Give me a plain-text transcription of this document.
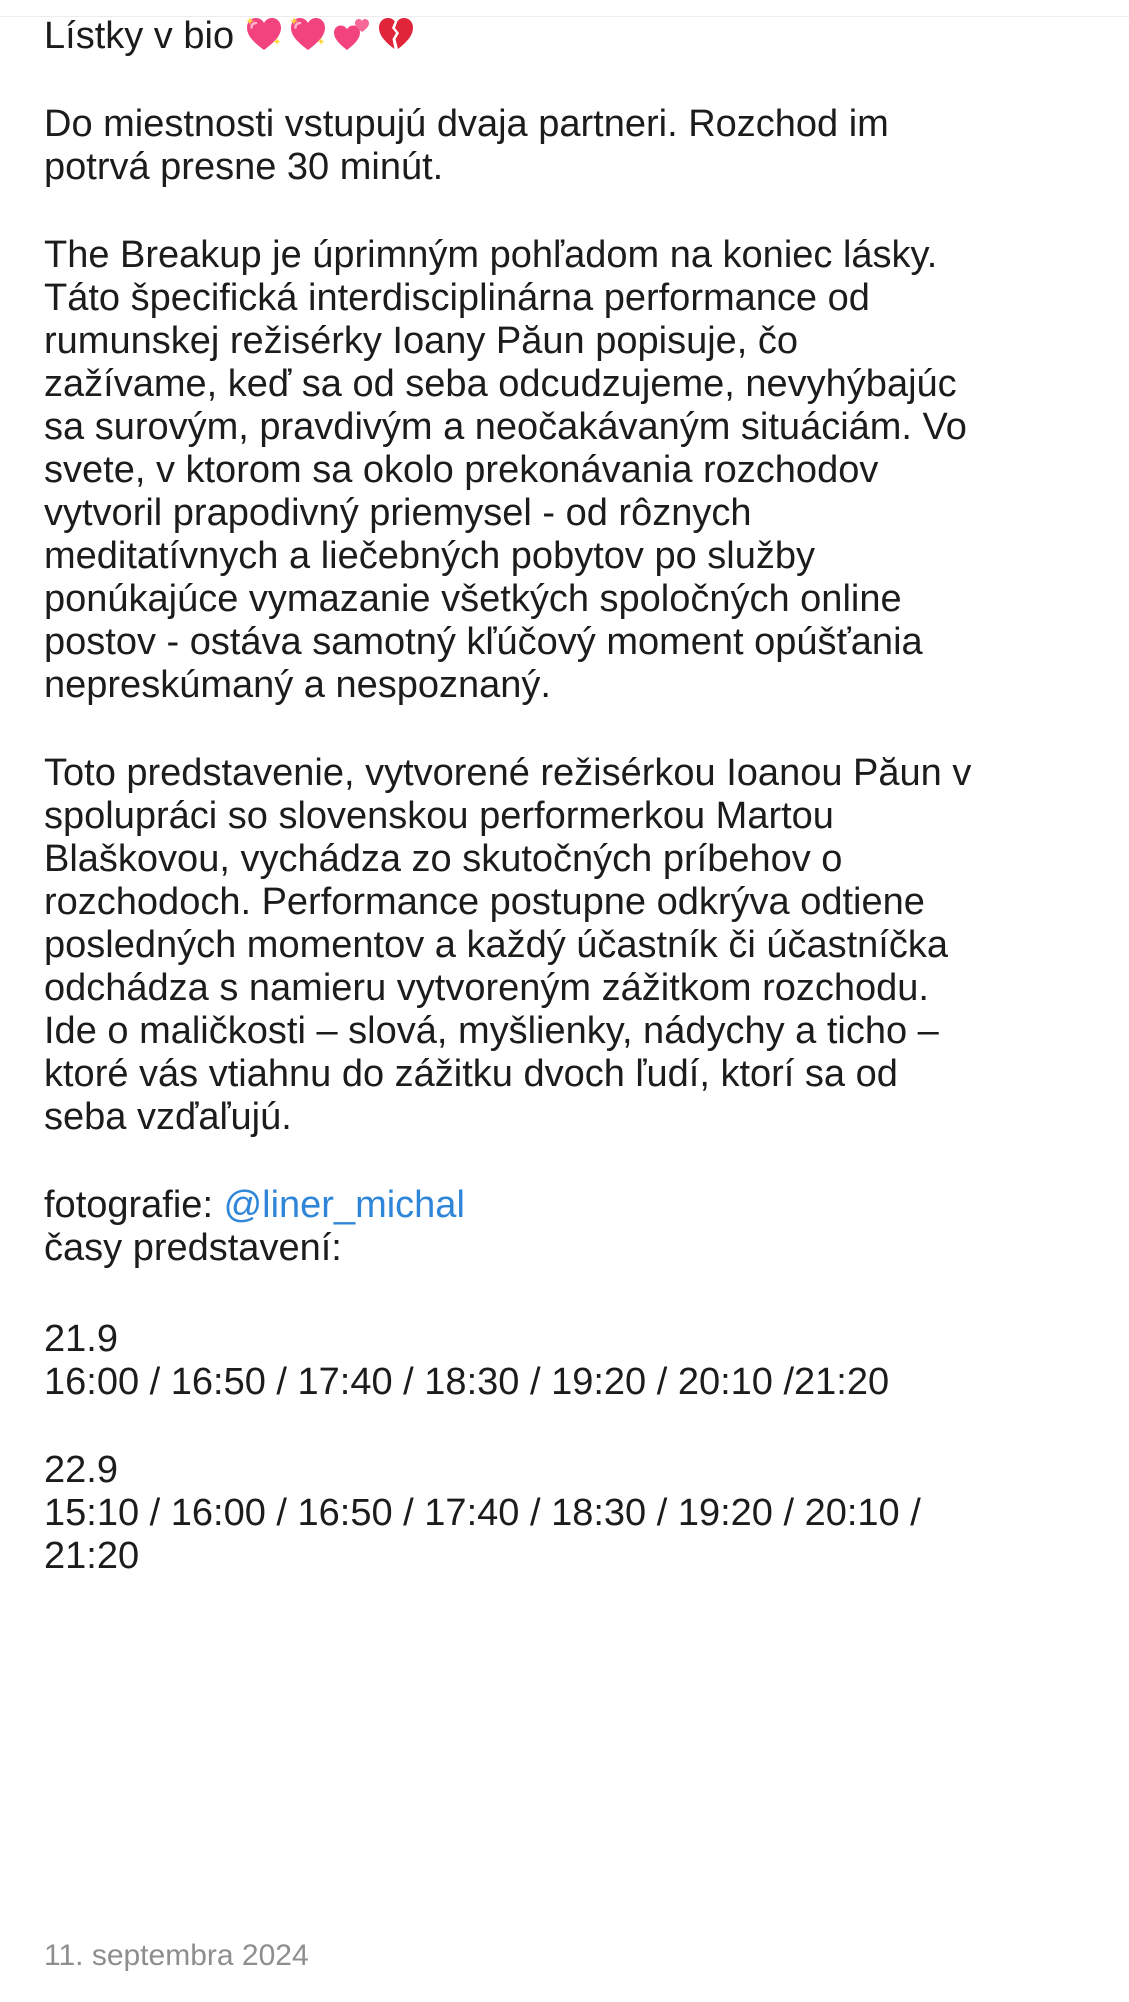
Lístky v bio
Do miestnosti vstupujú dvaja partneri. Rozchod im
potrvá presne 30 minút.
The Breakup je úprimným pohľadom na koniec lásky.
Táto špecifická interdisciplinárna performance od
rumunskej režisérky Ioany Păun popisuje, čo
zažívame, keď sa od seba odcudzujeme, nevyhýbajúc
sa surovým, pravdivým a neočakávaným situáciám. Vo
svete, v ktorom sa okolo prekonávania rozchodov
vytvoril prapodivný priemysel - od rôznych
meditatívnych a liečebných pobytov po služby
ponúkajúce vymazanie všetkých spoločných online
postov - ostáva samotný kľúčový moment opúšťania
nepreskúmaný a nespoznaný.
Toto predstavenie, vytvorené režisérkou Ioanou Păun v
spolupráci so slovenskou performerkou Martou
Blaškovou, vychádza zo skutočných príbehov o
rozchodoch. Performance postupne odkrýva odtiene
posledných momentov a každý účastník či účastníčka
odchádza s namieru vytvoreným zážitkom rozchodu.
Ide o maličkosti – slová, myšlienky, nádychy a ticho –
ktoré vás vtiahnu do zážitku dvoch ľudí, ktorí sa od
seba vzďaľujú.
fotografie: @liner_michal
časy predstavení:
21.9
16:00 / 16:50 / 17:40 / 18:30 / 19:20 / 20:10 /21:20
22.9
15:10 / 16:00 / 16:50 / 17:40 / 18:30 / 19:20 / 20:10 /
21:20
11. septembra 2024
